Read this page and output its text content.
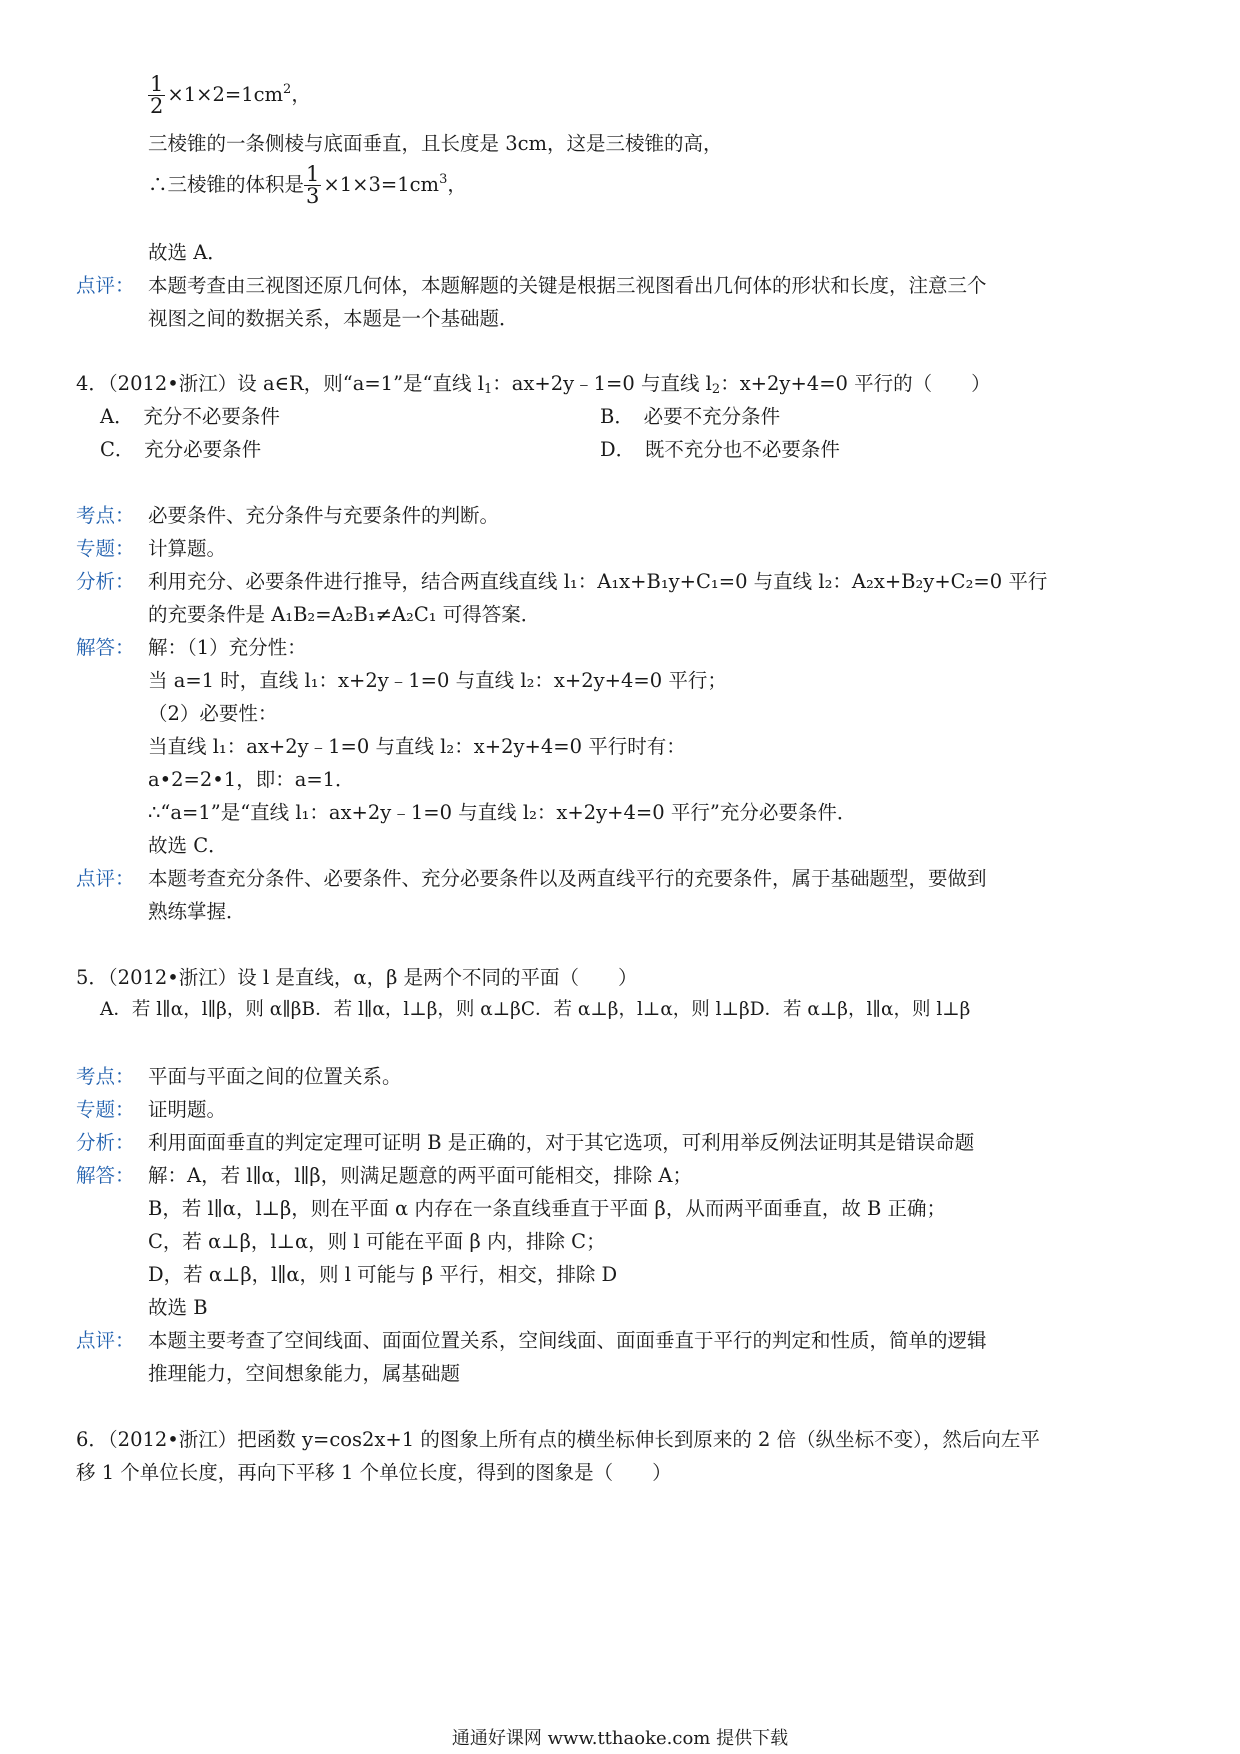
$\frac{1}{2} \times 1\times 2=1cm^2$，
三棱锥的一条侧棱与底面垂直，且长度是 3cm，这是三棱锥的高，
∴三棱锥的体积是 $\frac{1}{3} \times 1\times 3=1cm^3$，
故选 A．
点评： 本题考查由三视图还原几何体，本题解题的关键是根据三视图看出几何体的形状和长度，注意三个
视图之间的数据关系，本题是一个基础题．
4．（2012•浙江）设 a∈R，则“a=1”是“直线 $l_1$：ax+2y﹣1=0 与直线 $l_2$：x+2y+4=0 平行的（　　）
A．　充分不必要条件	B．　必要不充分条件
C．　充分必要条件	D．　既不充分也不必要条件
考点： 必要条件、充分条件与充要条件的判断。
专题： 计算题。
分析： 利用充分、必要条件进行推导，结合两直线直线 l₁：A₁x+B₁y+C₁=0 与直线 l₂：A₂x+B₂y+C₂=0 平行
的充要条件是 A₁B₂=A₂B₁≠A₂C₁ 可得答案．
解答： 解：（1）充分性：
当 a=1 时，直线 l₁：x+2y﹣1=0 与直线 l₂：x+2y+4=0 平行；
（2）必要性：
当直线 l₁：ax+2y﹣1=0 与直线 l₂：x+2y+4=0 平行时有：
a•2=2•1，即：a=1．
∴“a=1”是“直线 l₁：ax+2y﹣1=0 与直线 l₂：x+2y+4=0 平行”充分必要条件．
故选 C．
点评： 本题考查充分条件、必要条件、充分必要条件以及两直线平行的充要条件，属于基础题型，要做到
熟练掌握．
5．（2012•浙江）设 l 是直线，α，β 是两个不同的平面（　　）
A．若 l∥α，l∥β，则 α∥βB．若 l∥α，l⊥β，则 α⊥βC．若 α⊥β，l⊥α，则 l⊥βD．若 α⊥β，l∥α，则 l⊥β
考点： 平面与平面之间的位置关系。
专题： 证明题。
分析： 利用面面垂直的判定定理可证明 B 是正确的，对于其它选项，可利用举反例法证明其是错误命题
解答： 解：A，若 l∥α，l∥β，则满足题意的两平面可能相交，排除 A；
B，若 l∥α，l⊥β，则在平面 α 内存在一条直线垂直于平面 β，从而两平面垂直，故 B 正确；
C，若 α⊥β，l⊥α，则 l 可能在平面 β 内，排除 C；
D，若 α⊥β，l∥α，则 l 可能与 β 平行，相交，排除 D
故选 B
点评： 本题主要考查了空间线面、面面位置关系，空间线面、面面垂直于平行的判定和性质，简单的逻辑
推理能力，空间想象能力，属基础题
6．（2012•浙江）把函数 y=cos2x+1 的图象上所有点的横坐标伸长到原来的 2 倍（纵坐标不变），然后向左平
移 1 个单位长度，再向下平移 1 个单位长度，得到的图象是（　　）
通通好课网 www.tthaoke.com 提供下载
